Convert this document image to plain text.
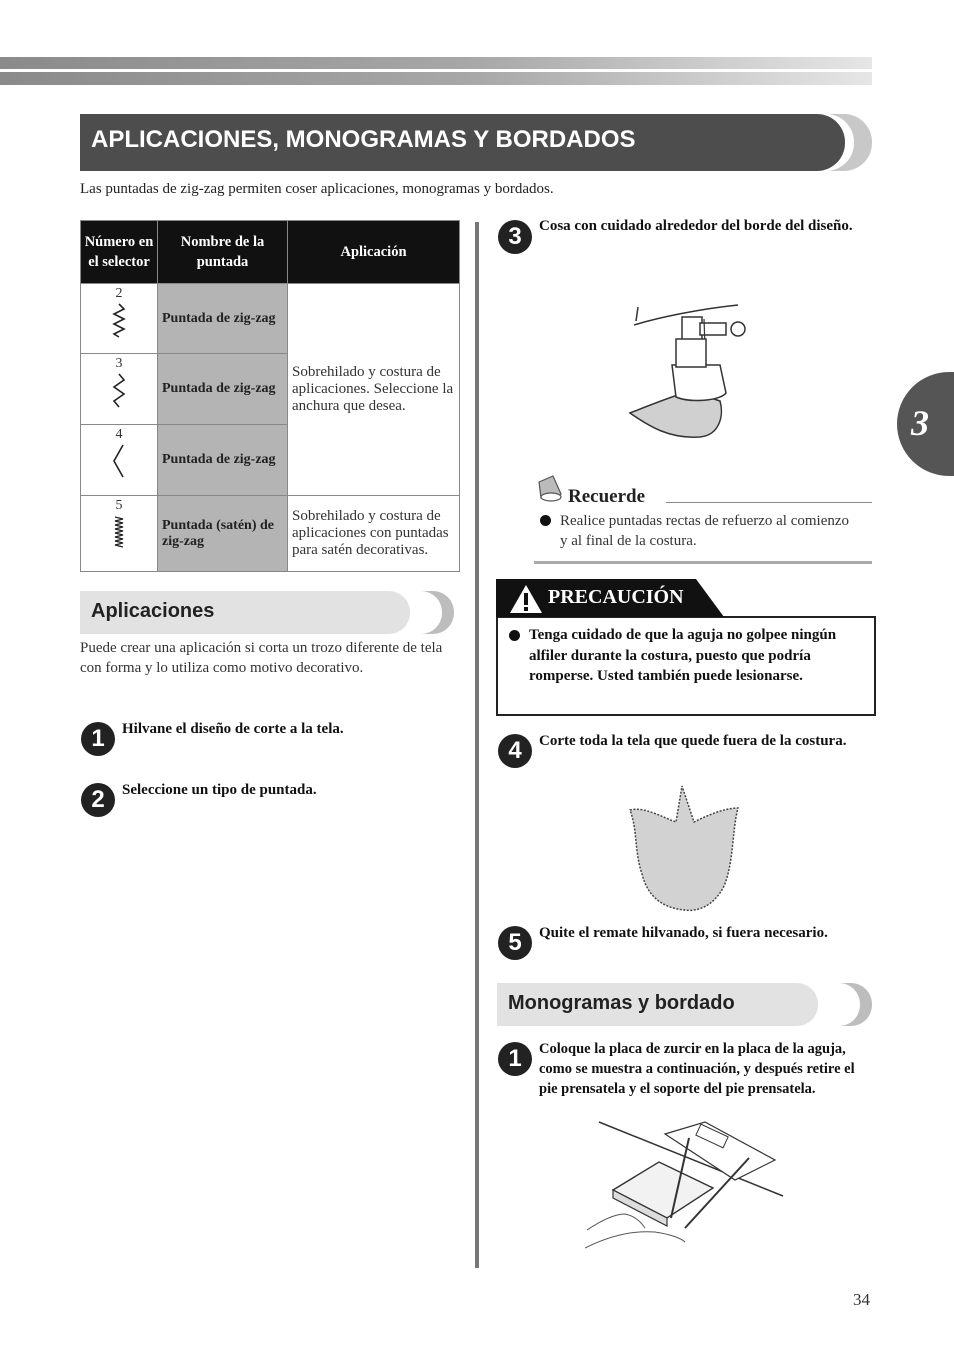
APLICACIONES, MONOGRAMAS Y BORDADOS
Las puntadas de zig-zag permiten coser aplicaciones, monogramas y bordados.
Número en el selector	Nombre de la puntada	Aplicación

2	Puntada de zig-zag	Sobrehilado y costura de aplicaciones. Seleccione la anchura que desea.

3	Puntada de zig-zag	

4	Puntada de zig-zag	

5	Puntada (satén) de zig-zag	Sobrehilado y costura de aplicaciones con puntadas para satén decorativas.
Aplicaciones
Puede crear una aplicación si corta un trozo diferente de tela con forma y lo utiliza como motivo decorativo.
1	Hilvane el diseño de corte a la tela.
2	Seleccione un tipo de puntada.
3	Cosa con cuidado alrededor del borde del diseño.
Recuerde
Realice puntadas rectas de refuerzo al comienzo y al final de la costura.
PRECAUCIÓN
Tenga cuidado de que la aguja no golpee ningún alfiler durante la costura, puesto que podría romperse. Usted también puede lesionarse.
4	Corte toda la tela que quede fuera de la costura.
5	Quite el remate hilvanado, si fuera necesario.
Monogramas y bordado
1	Coloque la placa de zurcir en la placa de la aguja, como se muestra a continuación, y después retire el pie prensatela y el soporte del pie prensatela.
3
34
